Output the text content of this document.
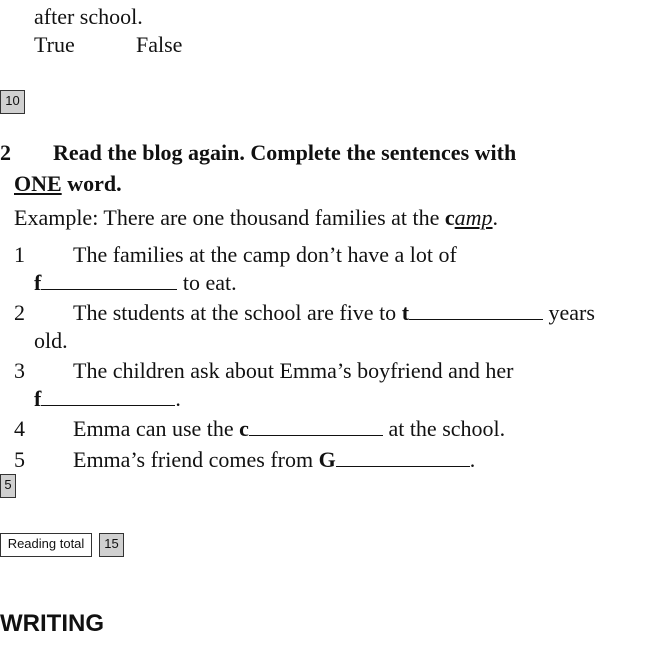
after school.
True	False
10
2 Read the blog again. Complete the sentences with
ONE word.
Example: There are one thousand families at the camp.
1 The families at the camp don’t have a lot of
f	to eat.
2 The students at the school are five to t	years
old.
3 The children ask about Emma’s boyfriend and her
f	.
4 Emma can use the c	at the school.
5 Emma’s friend comes from G	.
5
Reading total	15
WRITING
